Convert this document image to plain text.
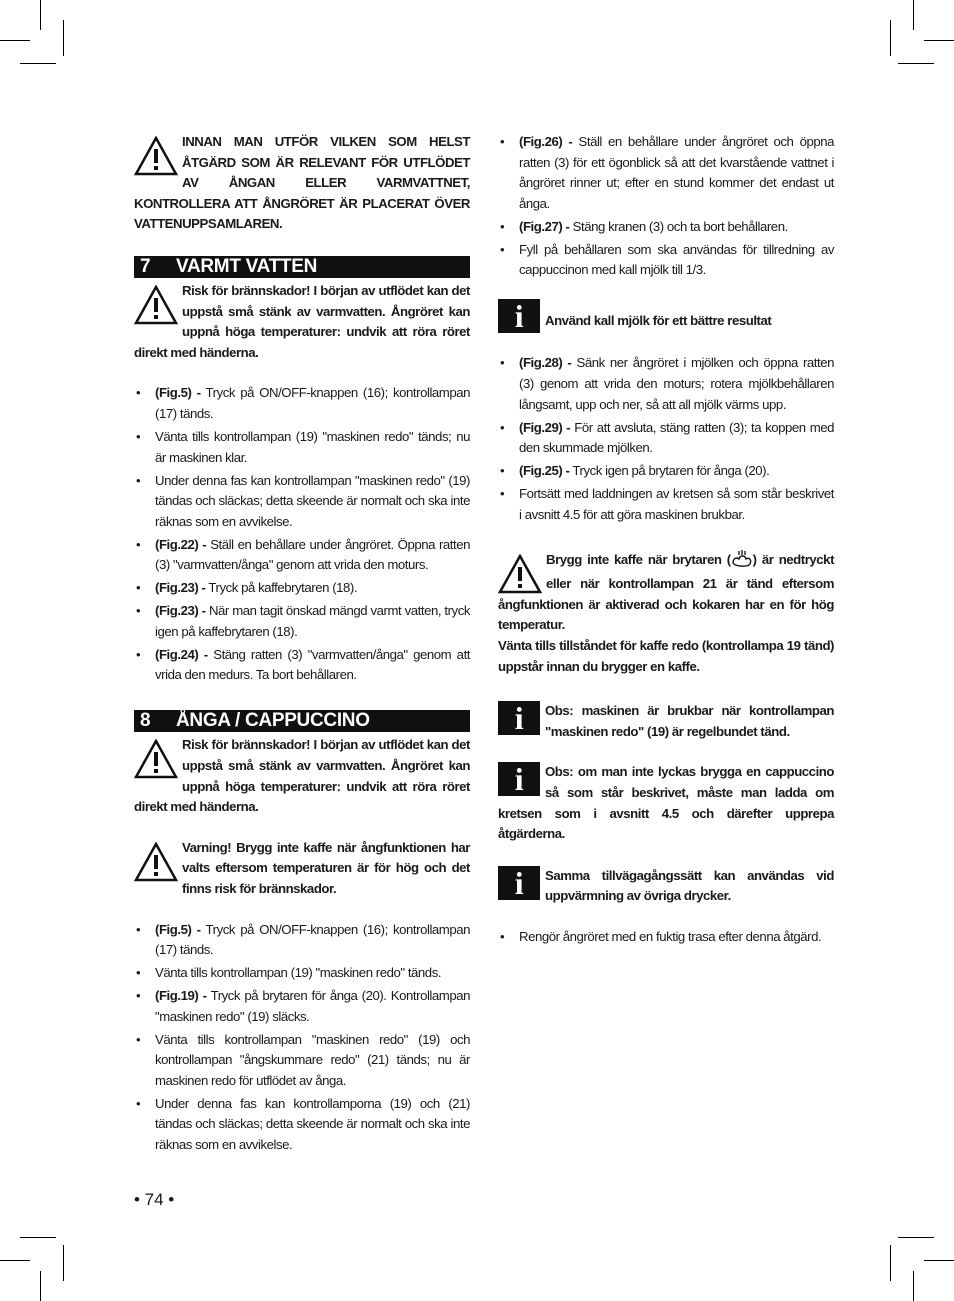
INNAN MAN UTFÖR VILKEN SOM HELST ÅTGÄRD SOM ÄR RELEVANT FÖR UTFLÖDET AV ÅNGAN ELLER VARMVATTNET, KONTROLLERA ATT ÅNGRÖRET ÄR PLACERAT ÖVER VATTENUPPSAMLAREN.
7	VARMT VATTEN
Risk för brännskador! I början av utflödet kan det uppstå små stänk av varmvatten. Ångröret kan uppnå höga temperaturer: undvik att röra röret direkt med händerna.
• (Fig.5) - Tryck på ON/OFF-knappen (16); kontrollampan (17) tänds.
• Vänta tills kontrollampan (19) "maskinen redo" tänds; nu är maskinen klar.
• Under denna fas kan kontrollampan "maskinen redo" (19) tändas och släckas; detta skeende är normalt och ska inte räknas som en avvikelse.
• (Fig.22) - Ställ en behållare under ångröret. Öppna ratten (3) "varmvatten/ånga" genom att vrida den moturs.
• (Fig.23) - Tryck på kaffebrytaren (18).
• (Fig.23) - När man tagit önskad mängd varmt vatten, tryck igen på kaffebrytaren (18).
• (Fig.24) - Stäng ratten (3) "varmvatten/ånga" genom att vrida den medurs. Ta bort behållaren.
8	ÅNGA / CAPPUCCINO
Risk för brännskador! I början av utflödet kan det uppstå små stänk av varmvatten. Ångröret kan uppnå höga temperaturer: undvik att röra röret direkt med händerna.
Varning! Brygg inte kaffe när ångfunktionen har valts eftersom temperaturen är för hög och det finns risk för brännskador.
• (Fig.5) - Tryck på ON/OFF-knappen (16); kontrollampan (17) tänds.
• Vänta tills kontrollampan (19) "maskinen redo" tänds.
• (Fig.19) - Tryck på brytaren för ånga (20). Kontrollampan "maskinen redo" (19) släcks.
• Vänta tills kontrollampan "maskinen redo" (19) och kontrollampan "ångskummare redo" (21) tänds; nu är maskinen redo för utflödet av ånga.
• Under denna fas kan kontrollamporna (19) och (21) tändas och släckas; detta skeende är normalt och ska inte räknas som en avvikelse.
• (Fig.26) - Ställ en behållare under ångröret och öppna ratten (3) för ett ögonblick så att det kvarstående vattnet i ångröret rinner ut; efter en stund kommer det endast ut ånga.
• (Fig.27) - Stäng kranen (3) och ta bort behållaren.
• Fyll på behållaren som ska användas för tillredning av cappuccinon med kall mjölk till 1/3.
i	Använd kall mjölk för ett bättre resultat
• (Fig.28) - Sänk ner ångröret i mjölken och öppna ratten (3) genom att vrida den moturs; rotera mjölkbehållaren långsamt, upp och ner, så att all mjölk värms upp.
• (Fig.29) - För att avsluta, stäng ratten (3); ta koppen med den skummade mjölken.
• (Fig.25) - Tryck igen på brytaren för ånga (20).
• Fortsätt med laddningen av kretsen så som står beskrivet i avsnitt 4.5 för att göra maskinen brukbar.
Brygg inte kaffe när brytaren ( ) är nedtryckt eller när kontrollampan 21 är tänd eftersom ångfunktionen är aktiverad och kokaren har en för hög temperatur.
Vänta tills tillståndet för kaffe redo (kontrollampa 19 tänd) uppstår innan du brygger en kaffe.
i	Obs: maskinen är brukbar när kontrollampan "maskinen redo" (19) är regelbundet tänd.
i	Obs: om man inte lyckas brygga en cappuccino så som står beskrivet, måste man ladda om kretsen som i avsnitt 4.5 och därefter upprepa åtgärderna.
i	Samma tillvägagångssätt kan användas vid uppvärmning av övriga drycker.
• Rengör ångröret med en fuktig trasa efter denna åtgärd.
• 74 •
